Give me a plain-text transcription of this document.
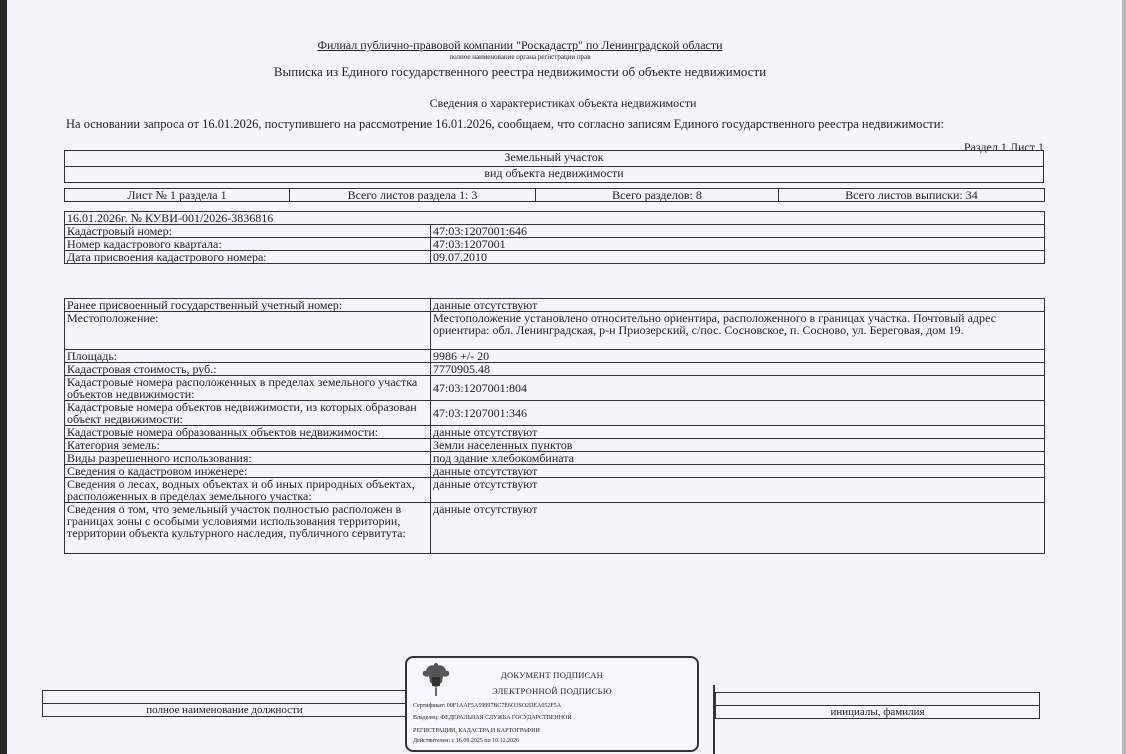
Филиал публично-правовой компании "Роскадастр" по Ленинградской области
полное наименование органа регистрации прав
Выписка из Единого государственного реестра недвижимости об объекте недвижимости
Сведения о характеристиках объекта недвижимости
На основании запроса от 16.01.2026, поступившего на рассмотрение 16.01.2026, сообщаем, что согласно записям Единого государственного реестра недвижимости:
Раздел 1 Лист 1
Земельный участок
вид объекта недвижимости
Лист № 1 раздела 1	Всего листов раздела 1: 3	Всего разделов: 8	Всего листов выписки: 34
16.01.2026г. № КУВИ-001/2026-3836816	
Кадастровый номер:	47:03:1207001:646
Номер кадастрового квартала:	47:03:1207001
Дата присвоения кадастрового номера:	09.07.2010
Ранее присвоенный государственный учетный номер:	данные отсутствуют
Местоположение:	Местоположение установлено относительно ориентира, расположенного в границах участка. Почтовый адрес ориентира: обл. Ленинградская, р-н Приозерский, с/пос. Сосновское, п. Сосново, ул. Береговая, дом 19.
Площадь:	9986 +/- 20
Кадастровая стоимость, руб.:	7770905.48
Кадастровые номера расположенных в пределах земельного участка объектов недвижимости:	47:03:1207001:804
Кадастровые номера объектов недвижимости, из которых образован объект недвижимости:	47:03:1207001:346
Кадастровые номера образованных объектов недвижимости:	данные отсутствуют
Категория земель:	Земли населенных пунктов
Виды разрешенного использования:	под здание хлебокомбината
Сведения о кадастровом инженере:	данные отсутствуют
Сведения о лесах, водных объектах и об иных природных объектах, расположенных в пределах земельного участка:	данные отсутствуют
Сведения о том, что земельный участок полностью расположен в границах зоны с особыми условиями использования территории, территории объекта культурного наследия, публичного сервитута:	данные отсутствуют

полное наименование должности	инициалы, фамилия
ДОКУМЕНТ ПОДПИСАН
ЭЛЕКТРОННОЙ ПОДПИСЬЮ
Сертификат: 00F1AAF5A59997BC7E6O3SO2DEA052F5A
Владелец: ФЕДЕРАЛЬНАЯ СЛУЖБА ГОСУДАРСТВЕННОЙ
РЕГИСТРАЦИИ, КАДАСТРА И КАРТОГРАФИИ
Действителен: с 16.09.2025 по 10.12.2026
